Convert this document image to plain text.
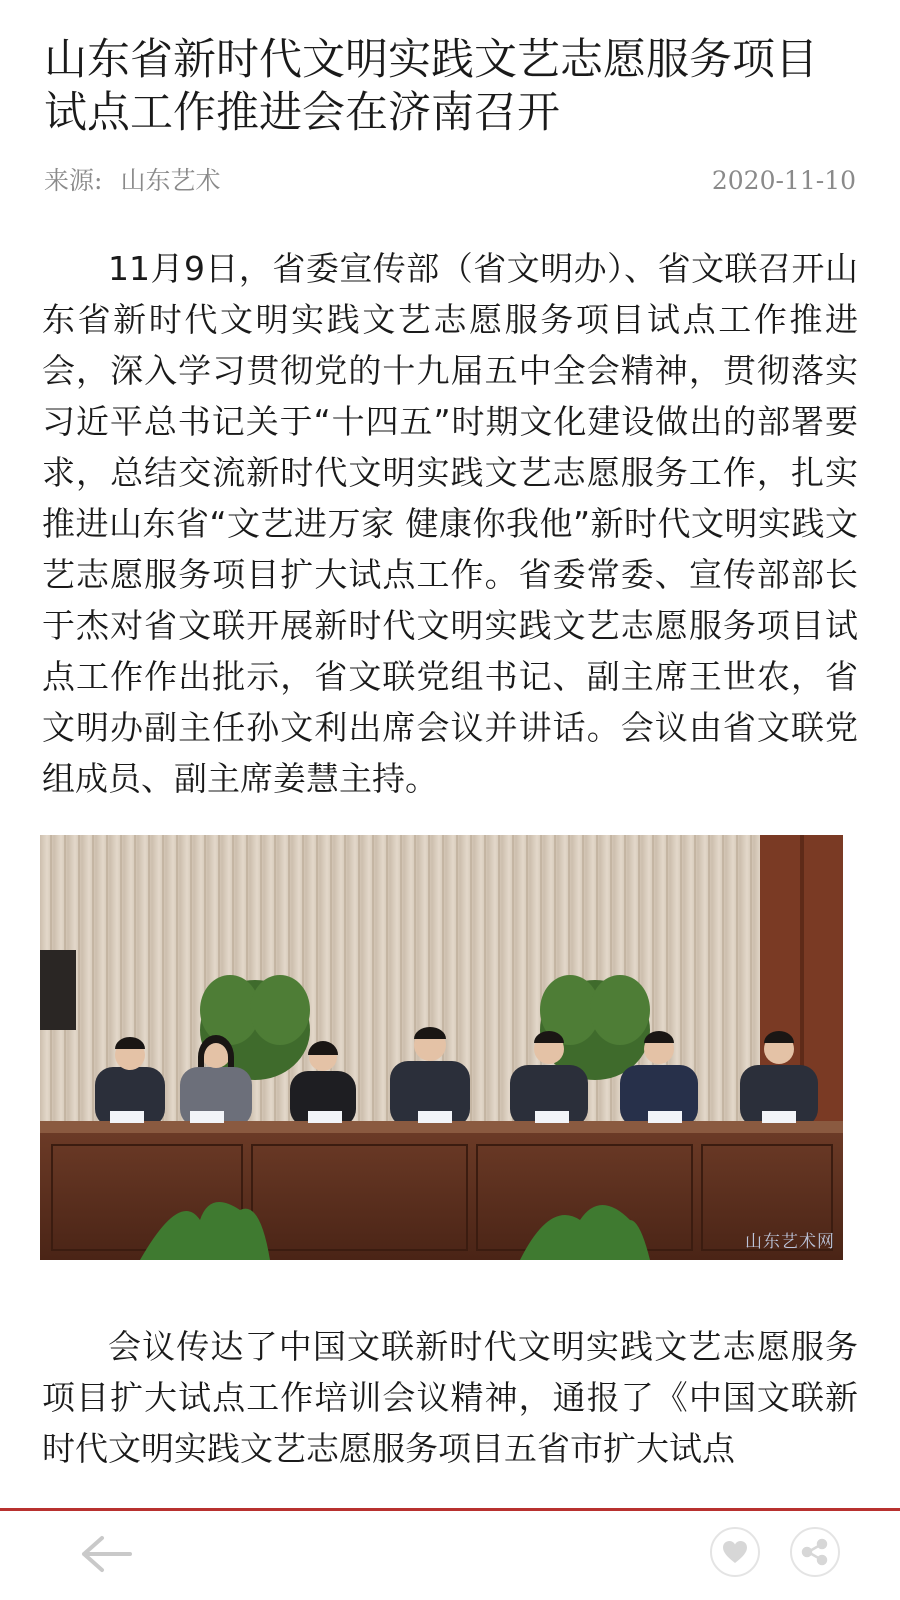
山东省新时代文明实践文艺志愿服务项目试点工作推进会在济南召开
来源: 山东艺术	2020-11-10

11月9日，省委宣传部（省文明办）、省文联召开山东省新时代文明实践文艺志愿服务项目试点工作推进会，深入学习贯彻党的十九届五中全会精神，贯彻落实习近平总书记关于“十四五”时期文化建设做出的部署要求，总结交流新时代文明实践文艺志愿服务工作，扎实推进山东省“文艺进万家 健康你我他”新时代文明实践文艺志愿服务项目扩大试点工作。省委常委、宣传部部长于杰对省文联开展新时代文明实践文艺志愿服务项目试点工作作出批示，省文联党组书记、副主席王世农，省文明办副主任孙文利出席会议并讲话。会议由省文联党组成员、副主席姜慧主持。

山东艺术网

会议传达了中国文联新时代文明实践文艺志愿服务项目扩大试点工作培训会议精神，通报了《中国文联新时代文明实践文艺志愿服务项目五省市扩大试点
